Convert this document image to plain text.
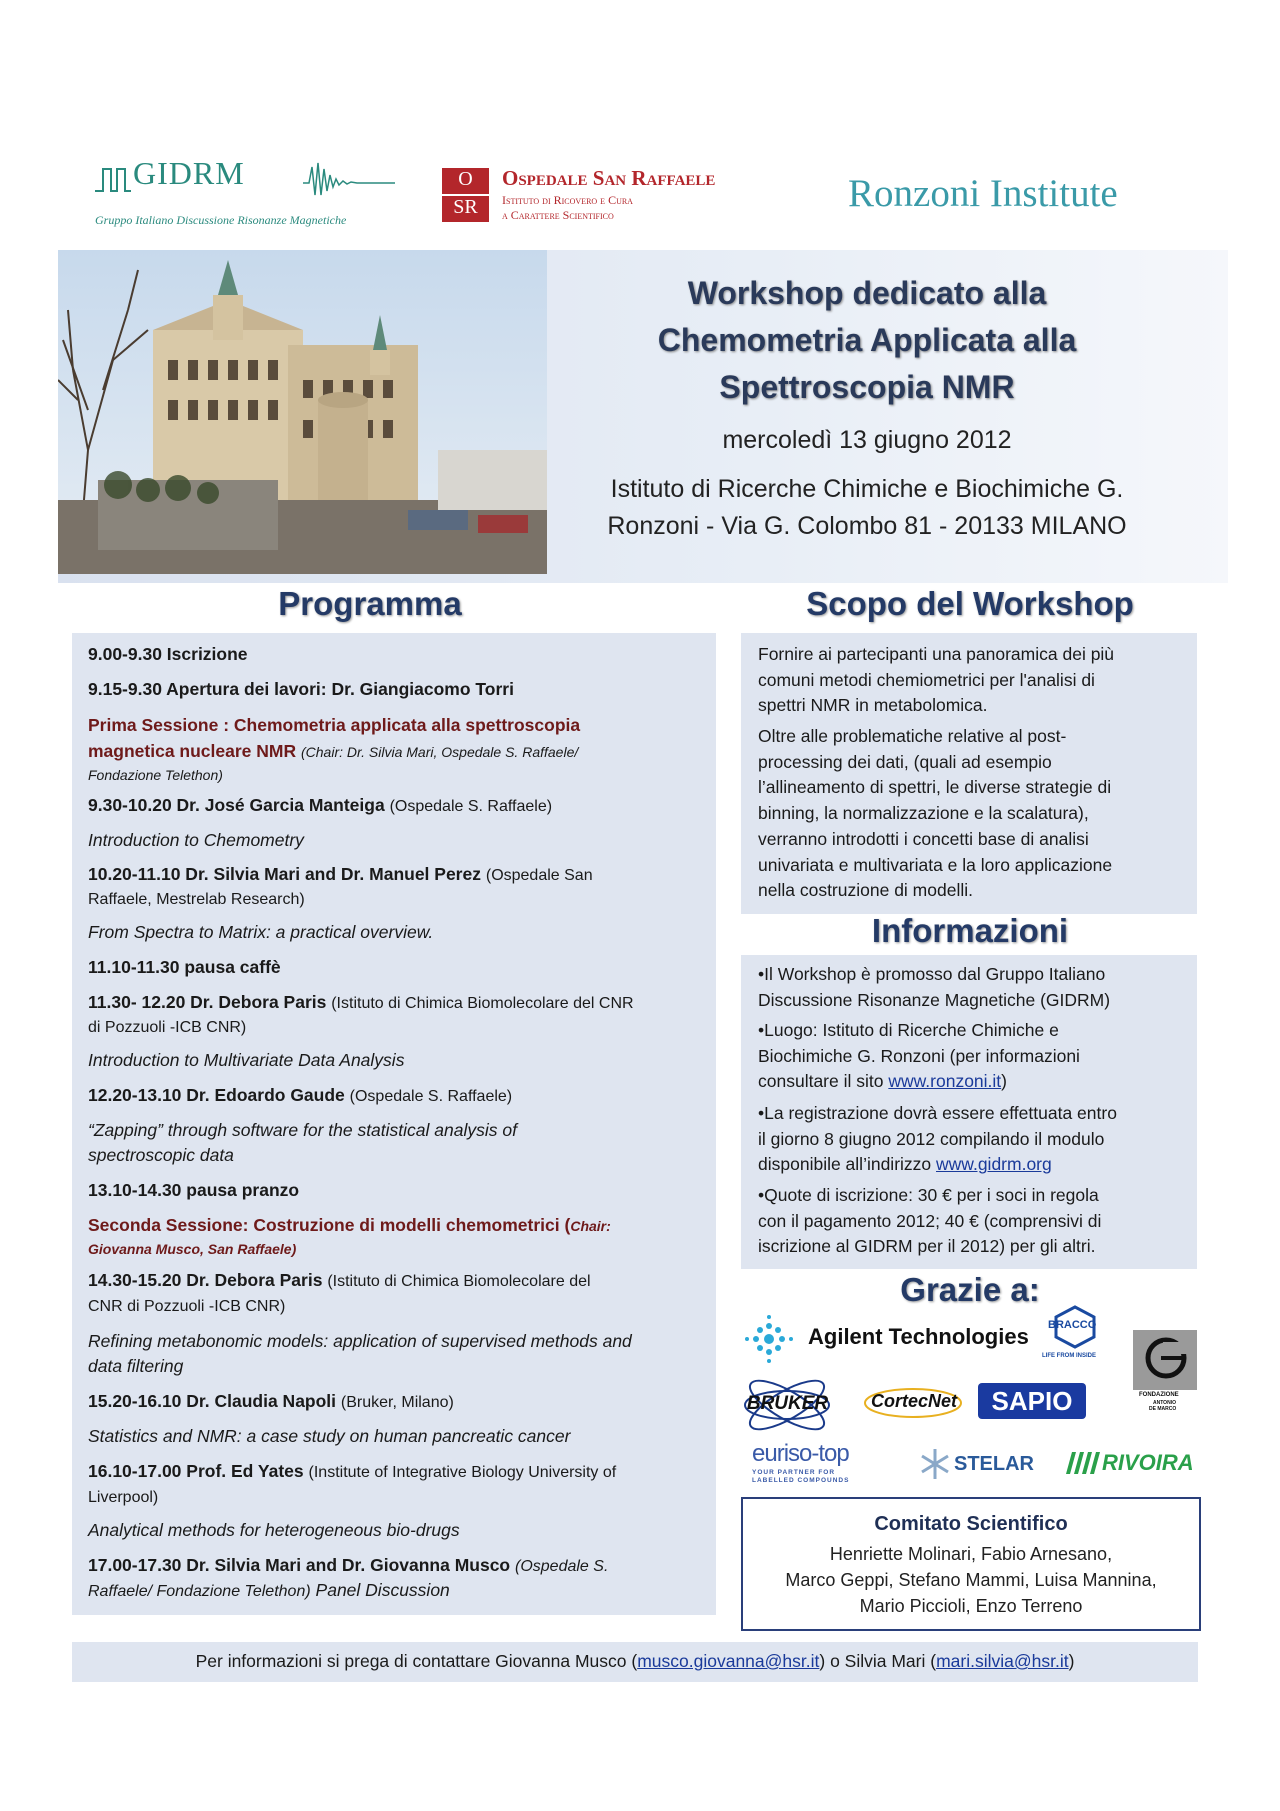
GIDRM
Gruppo Italiano Discussione Risonanze Magnetiche
O
SR
Ospedale San Raffaele
Istituto di Ricovero e Cura
a Carattere Scientifico	Ronzoni Institute
Workshop dedicato alla
Chemometria Applicata alla
Spettroscopia NMR
mercoledì 13 giugno 2012
Istituto di Ricerche Chimiche e Biochimiche G.
Ronzoni - Via G. Colombo 81 - 20133 MILANO
Programma
9.00-9.30 Iscrizione
9.15-9.30 Apertura dei lavori: Dr. Giangiacomo Torri
Prima Sessione : Chemometria applicata alla spettroscopia
magnetica nucleare NMR (Chair: Dr. Silvia Mari, Ospedale S. Raffaele/
Fondazione Telethon)
9.30-10.20 Dr. José Garcia Manteiga (Ospedale S. Raffaele)
Introduction to Chemometry
10.20-11.10 Dr. Silvia Mari and Dr. Manuel Perez (Ospedale San
Raffaele, Mestrelab Research)
From Spectra to Matrix: a practical overview.
11.10-11.30 pausa caffè
11.30- 12.20 Dr. Debora Paris (Istituto di Chimica Biomolecolare del CNR
di Pozzuoli -ICB CNR)
Introduction to Multivariate Data Analysis
12.20-13.10 Dr. Edoardo Gaude (Ospedale S. Raffaele)
“Zapping” through software for the statistical analysis of
spectroscopic data
13.10-14.30 pausa pranzo
Seconda Sessione: Costruzione di modelli chemometrici (Chair:
Giovanna Musco, San Raffaele)
14.30-15.20 Dr. Debora Paris (Istituto di Chimica Biomolecolare del
CNR di Pozzuoli -ICB CNR)
Refining metabonomic models: application of supervised methods and
data filtering
15.20-16.10 Dr. Claudia Napoli (Bruker, Milano)
Statistics and NMR: a case study on human pancreatic cancer
16.10-17.00 Prof. Ed Yates (Institute of Integrative Biology University of
Liverpool)
Analytical methods for heterogeneous bio-drugs
17.00-17.30 Dr. Silvia Mari and Dr. Giovanna Musco (Ospedale S.
Raffaele/ Fondazione Telethon) Panel Discussion
Scopo del Workshop
Fornire ai partecipanti una panoramica dei più
comuni metodi chemiometrici per l'analisi di
spettri NMR in metabolomica.
Oltre alle problematiche relative al post-
processing dei dati, (quali ad esempio
l’allineamento di spettri, le diverse strategie di
binning, la normalizzazione e la scalatura),
verranno introdotti i concetti base di analisi
univariata e multivariata e la loro applicazione
nella costruzione di modelli.
Informazioni
•Il Workshop è promosso dal Gruppo Italiano
Discussione Risonanze Magnetiche (GIDRM)
•Luogo: Istituto di Ricerche Chimiche e
Biochimiche G. Ronzoni (per informazioni
consultare il sito www.ronzoni.it)
•La registrazione dovrà essere effettuata entro
il giorno 8 giugno 2012 compilando il modulo
disponibile all’indirizzo www.gidrm.org
•Quote di iscrizione: 30 € per i soci in regola
con il pagamento 2012; 40 € (comprensivi di
iscrizione al GIDRM per il 2012) per gli altri.
Grazie a:
Agilent Technologies BRACCO
LIFE FROM INSIDE
FONDAZIONE
ANTONIO
DE MARCO
BRUKER	CortecNet	SAPIO
euriso-top
YOUR PARTNER FOR
LABELLED COMPOUNDS
STELAR	RIVOIRA
Comitato Scientifico
Henriette Molinari, Fabio Arnesano,
Marco Geppi, Stefano Mammi, Luisa Mannina,
Mario Piccioli, Enzo Terreno
Per informazioni si prega di contattare Giovanna Musco (musco.giovanna@hsr.it) o Silvia Mari (mari.silvia@hsr.it)
